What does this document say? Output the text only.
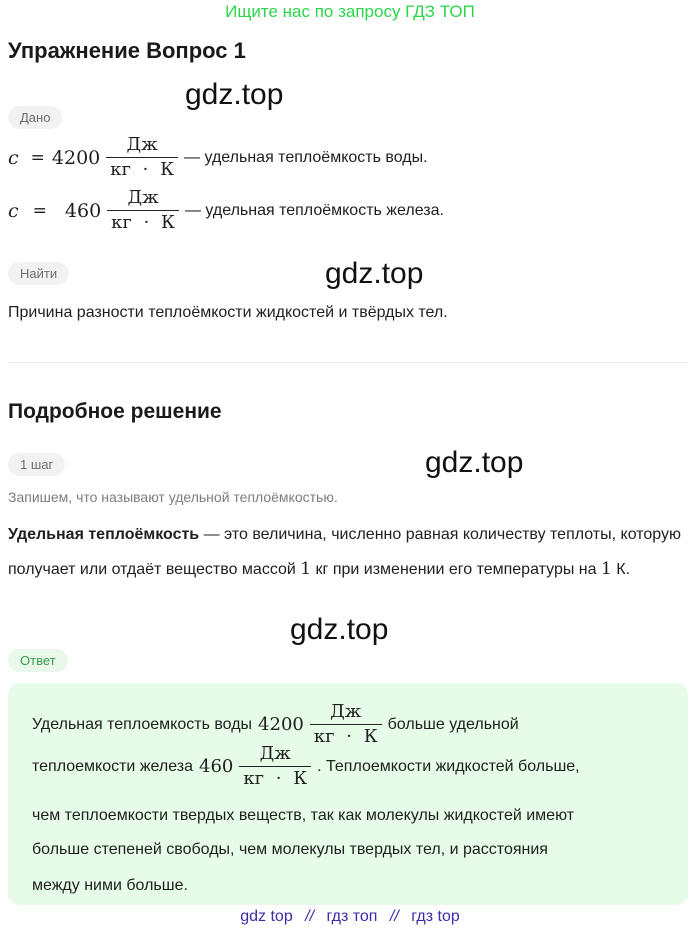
Ищите нас по запросу ГДЗ ТОП
Упражнение Вопрос 1
gdz.top
Дано
$c = 4200 \frac{Дж}{кг \cdot К}$ — удельная теплоёмкость воды.
$c = 460 \frac{Дж}{кг \cdot К}$ — удельная теплоёмкость железа.
Найти	gdz.top
Причина разности теплоёмкости жидкостей и твёрдых тел.
Подробное решение
1 шаг	gdz.top
Запишем, что называют удельной теплоёмкостью.
Удельная теплоёмкость — это величина, численно равная количеству теплоты, которую получает или отдаёт вещество массой 1 кг при изменении его температуры на 1 К.
gdz.top
Ответ
Удельная теплоемкость воды $4200 \frac{Дж}{кг \cdot К}$ больше удельной
теплоемкости железа $460 \frac{Дж}{кг \cdot К}$ . Теплоемкости жидкостей больше,
чем теплоемкости твердых веществ, так как молекулы жидкостей имеют
больше степеней свободы, чем молекулы твердых тел, и расстояния
между ними больше.
gdz top // гдз топ // гдз top
